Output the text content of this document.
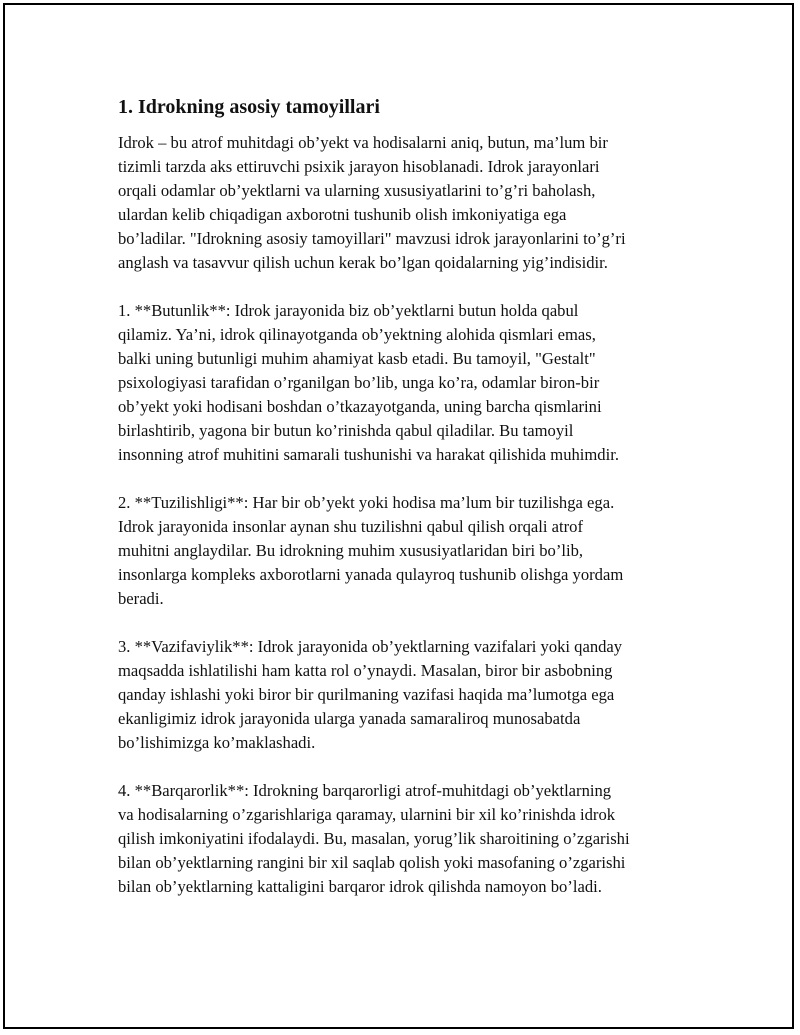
1. Idrokning asosiy tamoyillari
Idrok – bu atrof muhitdagi ob’yekt va hodisalarni aniq, butun, ma’lum bir
tizimli tarzda aks ettiruvchi psixik jarayon hisoblanadi. Idrok jarayonlari
orqali odamlar ob’yektlarni va ularning xususiyatlarini to’g’ri baholash,
ulardan kelib chiqadigan axborotni tushunib olish imkoniyatiga ega
bo’ladilar. "Idrokning asosiy tamoyillari" mavzusi idrok jarayonlarini to’g’ri
anglash va tasavvur qilish uchun kerak bo’lgan qoidalarning yig’indisidir.
1. **Butunlik**: Idrok jarayonida biz ob’yektlarni butun holda qabul
qilamiz. Ya’ni, idrok qilinayotganda ob’yektning alohida qismlari emas,
balki uning butunligi muhim ahamiyat kasb etadi. Bu tamoyil, "Gestalt"
psixologiyasi tarafidan o’rganilgan bo’lib, unga ko’ra, odamlar biron-bir
ob’yekt yoki hodisani boshdan o’tkazayotganda, uning barcha qismlarini
birlashtirib, yagona bir butun ko’rinishda qabul qiladilar. Bu tamoyil
insonning atrof muhitini samarali tushunishi va harakat qilishida muhimdir.
2. **Tuzilishligi**: Har bir ob’yekt yoki hodisa ma’lum bir tuzilishga ega.
Idrok jarayonida insonlar aynan shu tuzilishni qabul qilish orqali atrof
muhitni anglaydilar. Bu idrokning muhim xususiyatlaridan biri bo’lib,
insonlarga kompleks axborotlarni yanada qulayroq tushunib olishga yordam
beradi.
3. **Vazifaviylik**: Idrok jarayonida ob’yektlarning vazifalari yoki qanday
maqsadda ishlatilishi ham katta rol o’ynaydi. Masalan, biror bir asbobning
qanday ishlashi yoki biror bir qurilmaning vazifasi haqida ma’lumotga ega
ekanligimiz idrok jarayonida ularga yanada samaraliroq munosabatda
bo’lishimizga ko’maklashadi.
4. **Barqarorlik**: Idrokning barqarorligi atrof-muhitdagi ob’yektlarning
va hodisalarning o’zgarishlariga qaramay, ularnini bir xil ko’rinishda idrok
qilish imkoniyatini ifodalaydi. Bu, masalan, yorug’lik sharoitining o’zgarishi
bilan ob’yektlarning rangini bir xil saqlab qolish yoki masofaning o’zgarishi
bilan ob’yektlarning kattaligini barqaror idrok qilishda namoyon bo’ladi.
